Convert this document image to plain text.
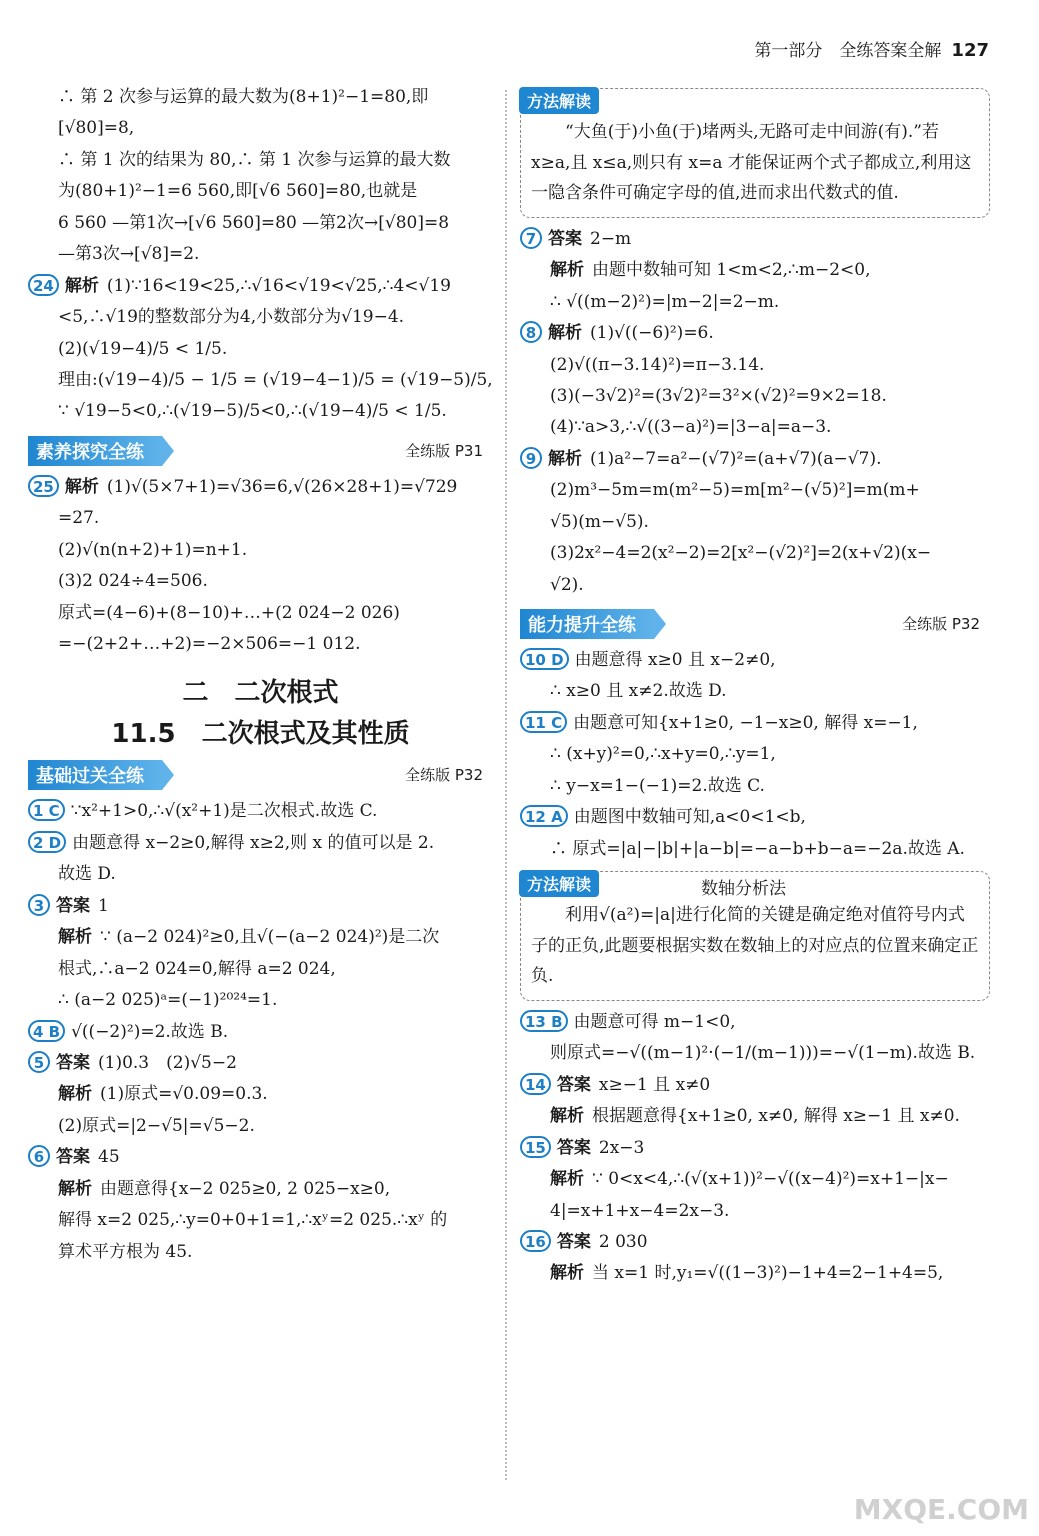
第一部分　全练答案全解 127

∴ 第 2 次参与运算的最大数为(8+1)²−1=80,即

[√80]=8,

∴ 第 1 次的结果为 80,∴ 第 1 次参与运算的最大数

为(80+1)²−1=6 560,即[√6 560]=80,也就是

6 560 —第1次→[√6 560]=80 —第2次→[√80]=8

—第3次→[√8]=2.

24 解析 (1)∵16<19<25,∴√16<√19<√25,∴4<√19

<5,∴√19的整数部分为4,小数部分为√19−4.

(2)(√19−4)/5 < 1/5.

理由:(√19−4)/5 − 1/5 = (√19−4−1)/5 = (√19−5)/5,

∵ √19−5<0,∴(√19−5)/5<0,∴(√19−4)/5 < 1/5.

素养探究全练	全练版 P31

25 解析 (1)√(5×7+1)=√36=6,√(26×28+1)=√729

=27.

(2)√(n(n+2)+1)=n+1.

(3)2 024÷4=506.

原式=(4−6)+(8−10)+…+(2 024−2 026)

=−(2+2+…+2)=−2×506=−1 012.

二　二次根式
11.5　二次根式及其性质
基础过关全练	全练版 P32

1 C ∵x²+1>0,∴√(x²+1)是二次根式.故选 C.

2 D 由题意得 x−2≥0,解得 x≥2,则 x 的值可以是 2.

故选 D.

3 答案 1

解析 ∵ (a−2 024)²≥0,且√(−(a−2 024)²)是二次

根式,∴a−2 024=0,解得 a=2 024,

∴ (a−2 025)ᵃ=(−1)²⁰²⁴=1.

4 B √((−2)²)=2.故选 B.

5 答案 (1)0.3　(2)√5−2

解析 (1)原式=√0.09=0.3.

(2)原式=|2−√5|=√5−2.

6 答案 45

解析 由题意得{x−2 025≥0, 2 025−x≥0,

解得 x=2 025,∴y=0+0+1=1,∴xʸ=2 025.∴xʸ 的

算术平方根为 45.

方法解读
“大鱼(于)小鱼(于)堵两头,无路可走中间游(有).”若 x≥a,且 x≤a,则只有 x=a 才能保证两个式子都成立,利用这一隐含条件可确定字母的值,进而求出代数式的值.

7 答案 2−m

解析 由题中数轴可知 1<m<2,∴m−2<0,

∴ √((m−2)²)=|m−2|=2−m.

8 解析 (1)√((−6)²)=6.

(2)√((π−3.14)²)=π−3.14.

(3)(−3√2)²=(3√2)²=3²×(√2)²=9×2=18.

(4)∵a>3,∴√((3−a)²)=|3−a|=a−3.

9 解析 (1)a²−7=a²−(√7)²=(a+√7)(a−√7).

(2)m³−5m=m(m²−5)=m[m²−(√5)²]=m(m+

√5)(m−√5).

(3)2x²−4=2(x²−2)=2[x²−(√2)²]=2(x+√2)(x−

√2).

能力提升全练	全练版 P32

10 D 由题意得 x≥0 且 x−2≠0,

∴ x≥0 且 x≠2.故选 D.

11 C 由题意可知{x+1≥0, −1−x≥0, 解得 x=−1,

∴ (x+y)²=0,∴x+y=0,∴y=1,

∴ y−x=1−(−1)=2.故选 C.

12 A 由题图中数轴可知,a<0<1<b,

∴ 原式=|a|−|b|+|a−b|=−a−b+b−a=−2a.故选 A.

方法解读	数轴分析法
利用√(a²)=|a|进行化简的关键是确定绝对值符号内式子的正负,此题要根据实数在数轴上的对应点的位置来确定正负.

13 B 由题意可得 m−1<0,

则原式=−√((m−1)²·(−1/(m−1)))=−√(1−m).故选 B.

14 答案 x≥−1 且 x≠0

解析 根据题意得{x+1≥0, x≠0, 解得 x≥−1 且 x≠0.

15 答案 2x−3

解析 ∵ 0<x<4,∴(√(x+1))²−√((x−4)²)=x+1−|x−

4|=x+1+x−4=2x−3.

16 答案 2 030

解析 当 x=1 时,y₁=√((1−3)²)−1+4=2−1+4=5,

MXQE.COM
